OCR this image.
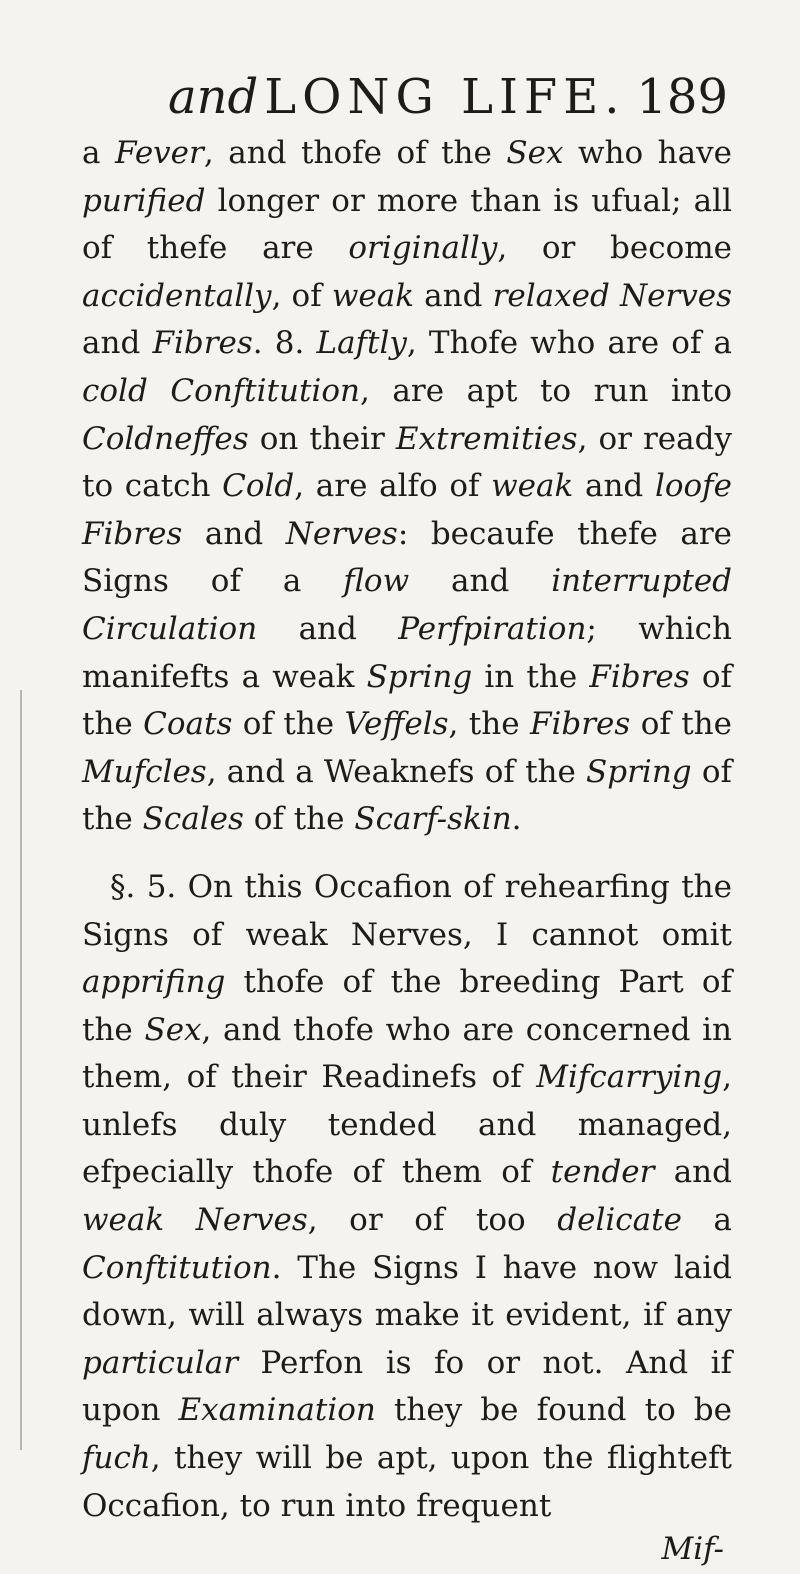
and LONG LIFE. 189

a Fever, and thofe of the Sex who have purified longer or more than is ufual; all of thefe are originally, or become accidentally, of weak and relaxed Nerves and Fibres. 8. Laftly, Thofe who are of a cold Conftitution, are apt to run into Coldneffes on their Extremities, or ready to catch Cold, are alfo of weak and loofe Fibres and Nerves: becaufe thefe are Signs of a flow and interrupted Circulation and Perfpiration; which manifefts a weak Spring in the Fibres of the Coats of the Veffels, the Fibres of the Mufcles, and a Weaknefs of the Spring of the Scales of the Scarf-skin.

§. 5. On this Occafion of rehearfing the Signs of weak Nerves, I cannot omit apprifing thofe of the breeding Part of the Sex, and thofe who are concerned in them, of their Readinefs of Mifcarrying, unlefs duly tended and managed, efpecially thofe of them of tender and weak Nerves, or of too delicate a Conftitution. The Signs I have now laid down, will always make it evident, if any particular Perfon is fo or not. And if upon Examination they be found to be fuch, they will be apt, upon the flighteft Occafion, to run into frequent

Mif-
